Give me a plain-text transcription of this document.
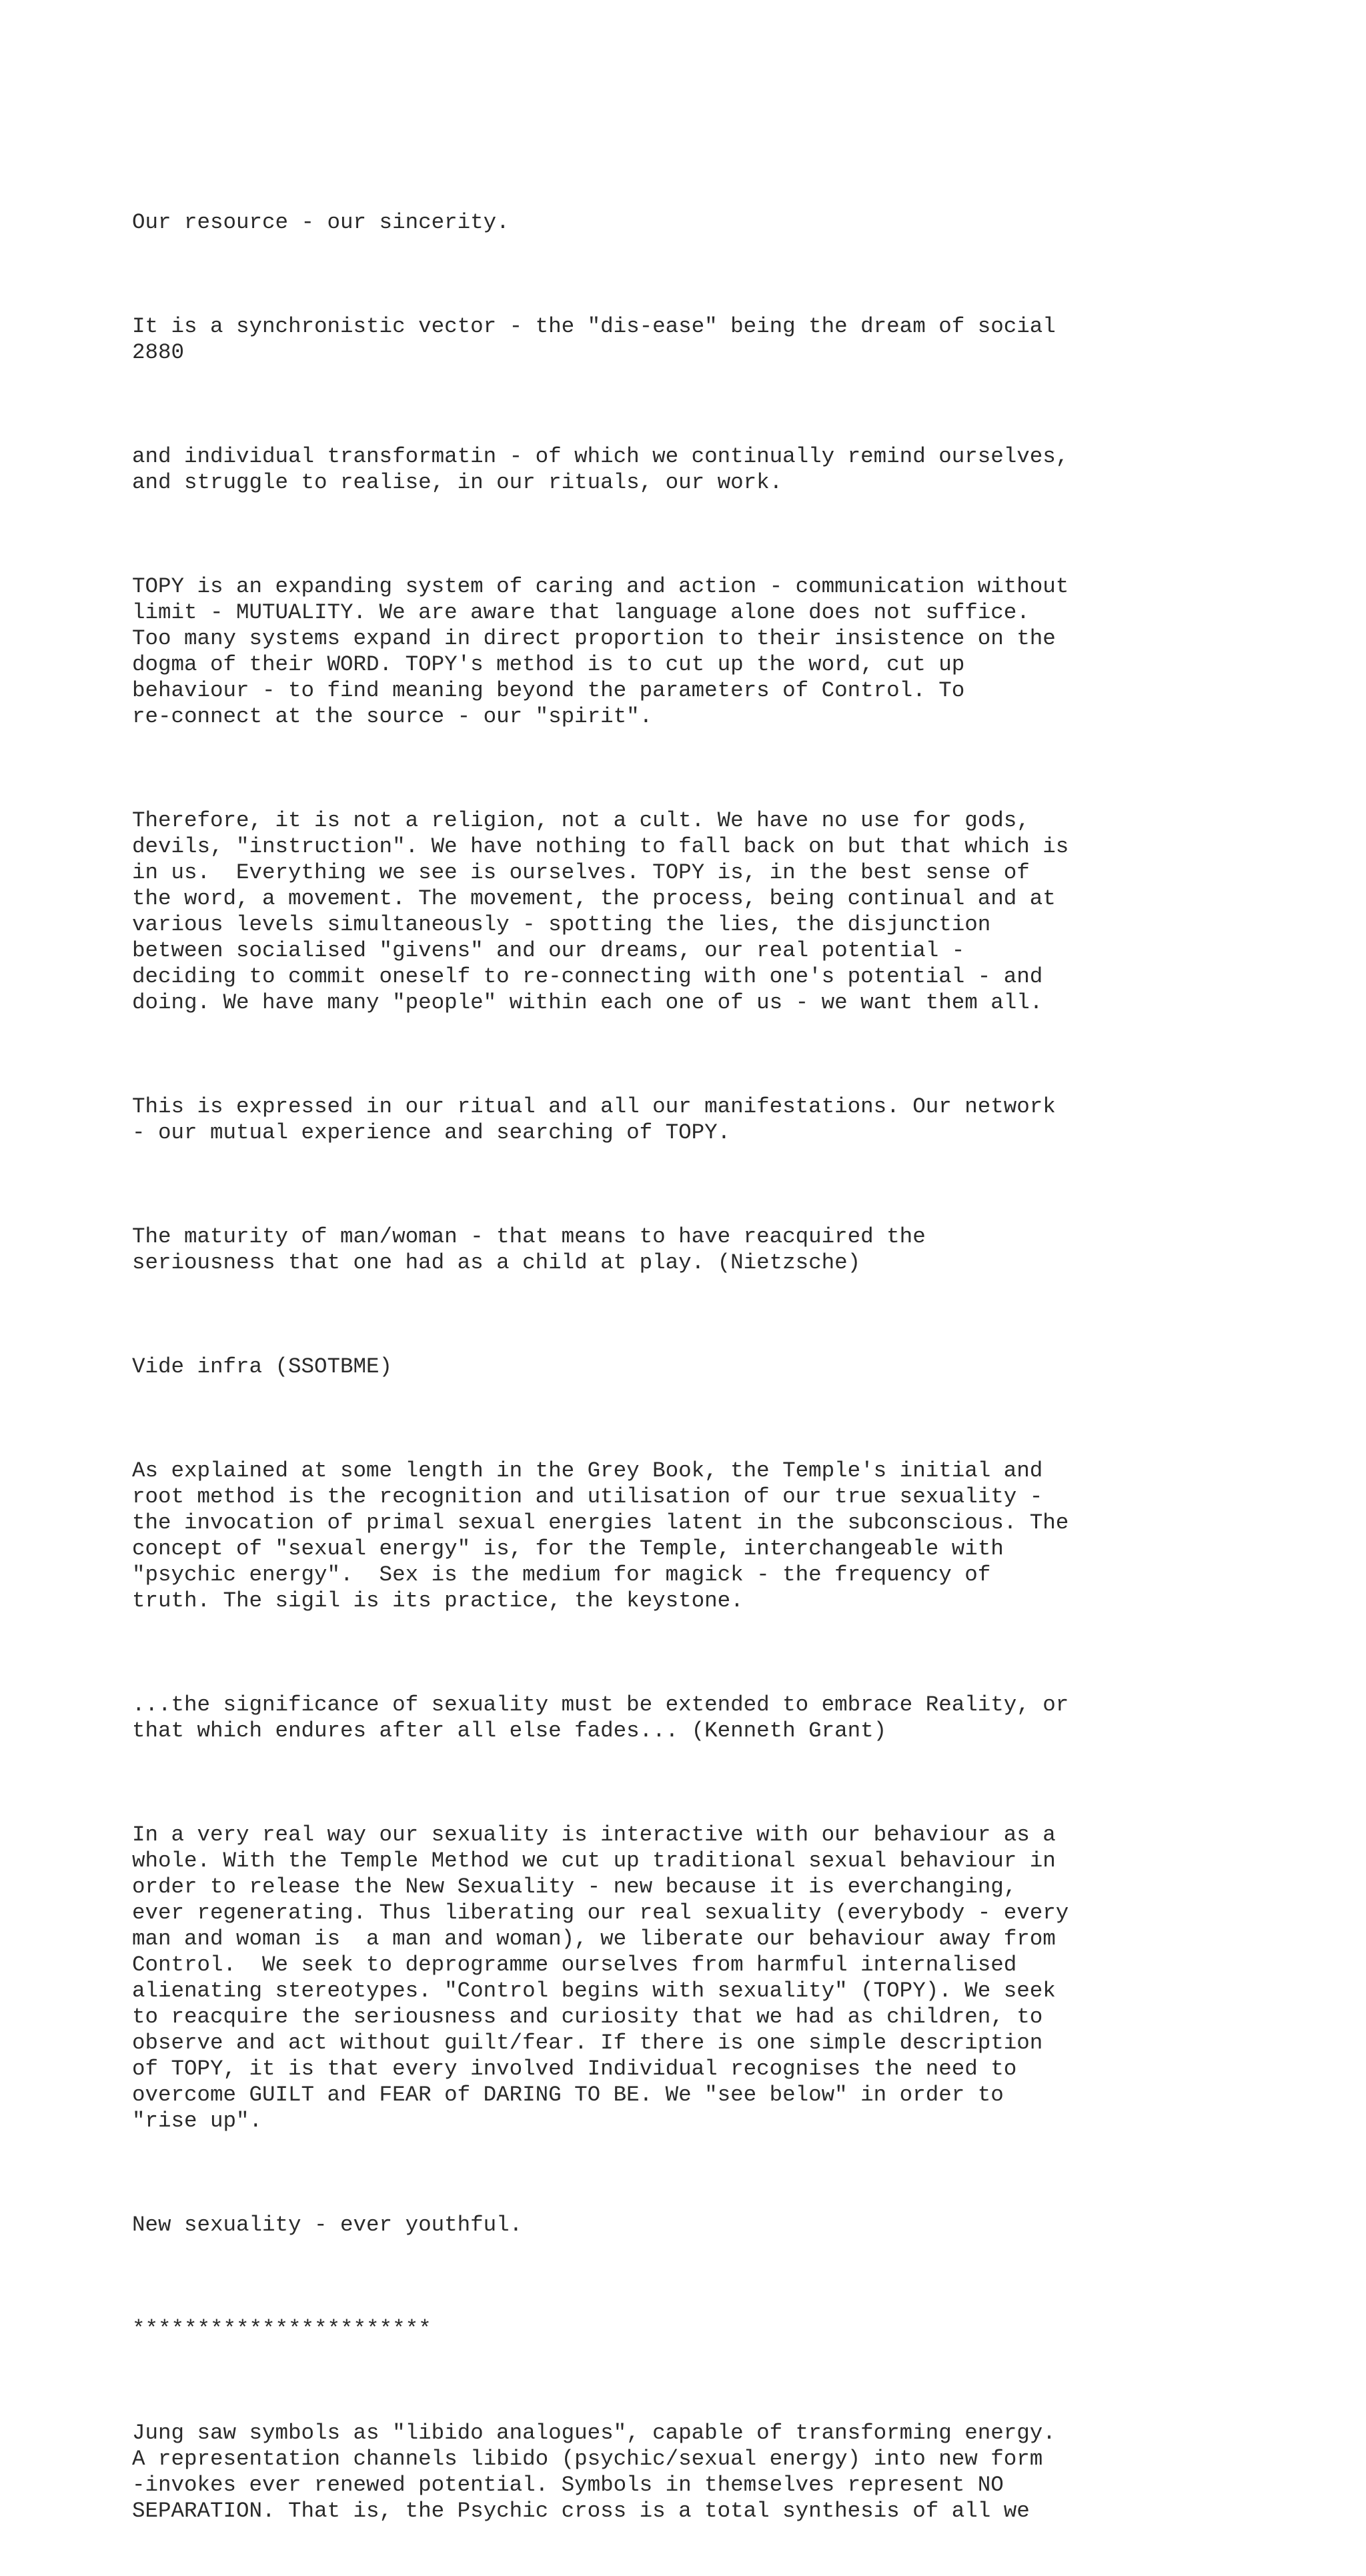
Our resource - our sincerity.

It is a synchronistic vector - the "dis-ease" being the dream of social
2880

and individual transformatin - of which we continually remind ourselves,
and struggle to realise, in our rituals, our work.

TOPY is an expanding system of caring and action - communication without
limit - MUTUALITY. We are aware that language alone does not suffice.
Too many systems expand in direct proportion to their insistence on the
dogma of their WORD. TOPY's method is to cut up the word, cut up
behaviour - to find meaning beyond the parameters of Control. To
re-connect at the source - our "spirit".

Therefore, it is not a religion, not a cult. We have no use for gods,
devils, "instruction". We have nothing to fall back on but that which is
in us.  Everything we see is ourselves. TOPY is, in the best sense of
the word, a movement. The movement, the process, being continual and at
various levels simultaneously - spotting the lies, the disjunction
between socialised "givens" and our dreams, our real potential -
deciding to commit oneself to re-connecting with one's potential - and
doing. We have many "people" within each one of us - we want them all.

This is expressed in our ritual and all our manifestations. Our network
- our mutual experience and searching of TOPY.

The maturity of man/woman - that means to have reacquired the
seriousness that one had as a child at play. (Nietzsche)

Vide infra (SSOTBME)

As explained at some length in the Grey Book, the Temple's initial and
root method is the recognition and utilisation of our true sexuality -
the invocation of primal sexual energies latent in the subconscious. The
concept of "sexual energy" is, for the Temple, interchangeable with
"psychic energy".  Sex is the medium for magick - the frequency of
truth. The sigil is its practice, the keystone.

...the significance of sexuality must be extended to embrace Reality, or
that which endures after all else fades... (Kenneth Grant)

In a very real way our sexuality is interactive with our behaviour as a
whole. With the Temple Method we cut up traditional sexual behaviour in
order to release the New Sexuality - new because it is everchanging,
ever regenerating. Thus liberating our real sexuality (everybody - every
man and woman is  a man and woman), we liberate our behaviour away from
Control.  We seek to deprogramme ourselves from harmful internalised
alienating stereotypes. "Control begins with sexuality" (TOPY). We seek
to reacquire the seriousness and curiosity that we had as children, to
observe and act without guilt/fear. If there is one simple description
of TOPY, it is that every involved Individual recognises the need to
overcome GUILT and FEAR of DARING TO BE. We "see below" in order to
"rise up".

New sexuality - ever youthful.

***********************

Jung saw symbols as "libido analogues", capable of transforming energy.
A representation channels libido (psychic/sexual energy) into new form
-invokes ever renewed potential. Symbols in themselves represent NO
SEPARATION. That is, the Psychic cross is a total synthesis of all we
